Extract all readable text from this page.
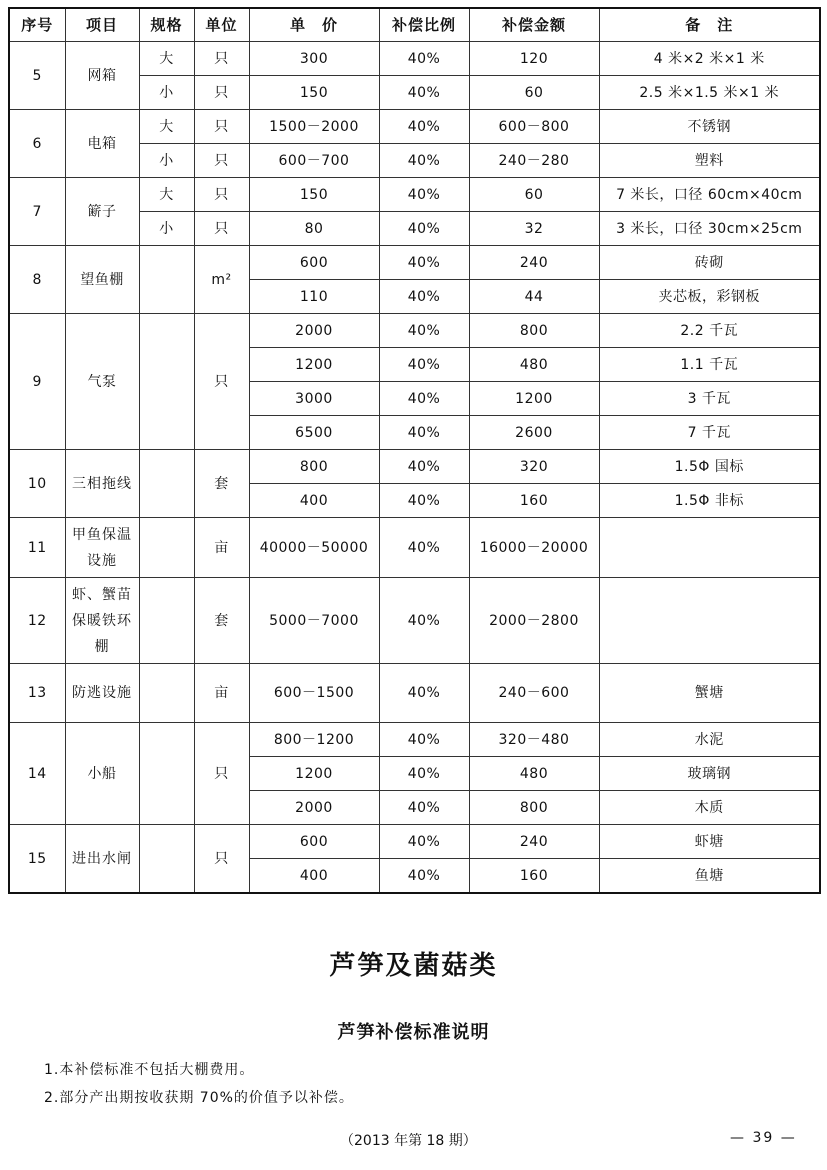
序号	项目	规格	单位	单　价	补偿比例	补偿金额	备　注
5	网箱	大	只	300	40%	120	4 米×2 米×1 米
		小	只	150	40%	60	2.5 米×1.5 米×1 米
6	电箱	大	只	1500－2000	40%	600－800	不锈钢
		小	只	600－700	40%	240－280	塑料
7	簖子	大	只	150	40%	60	7 米长，口径 60cm×40cm
		小	只	80	40%	32	3 米长，口径 30cm×25cm
8	望鱼棚		m²	600	40%	240	砖砌
				110	40%	44	夹芯板，彩钢板
9	气泵		只	2000	40%	800	2.2 千瓦
				1200	40%	480	1.1 千瓦
				3000	40%	1200	3 千瓦
				6500	40%	2600	7 千瓦
10	三相拖线		套	800	40%	320	1.5Φ 国标
				400	40%	160	1.5Φ 非标
11	甲鱼保温设施		亩	40000－50000	40%	16000－20000	
12	虾、蟹苗保暖铁环棚		套	5000－7000	40%	2000－2800	
13	防逃设施		亩	600－1500	40%	240－600	蟹塘
14	小船		只	800－1200	40%	320－480	水泥
				1200	40%	480	玻璃钢
				2000	40%	800	木质
15	进出水闸		只	600	40%	240	虾塘
				400	40%	160	鱼塘
芦笋及菌菇类
芦笋补偿标准说明
1.本补偿标准不包括大棚费用。
2.部分产出期按收获期 70%的价值予以补偿。
（2013 年第 18 期）	— 39 —
